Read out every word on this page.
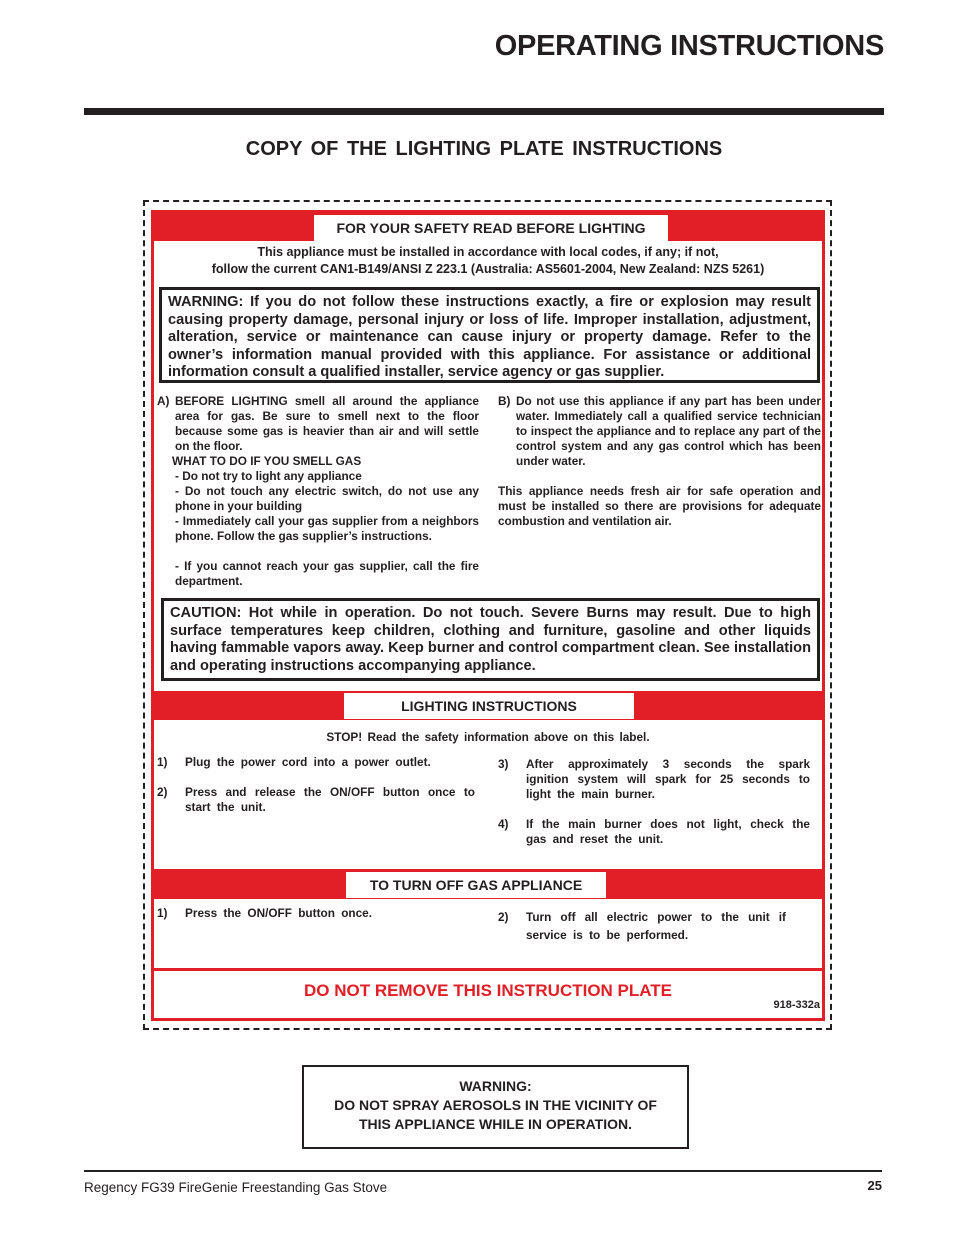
OPERATING INSTRUCTIONS
COPY OF THE LIGHTING PLATE INSTRUCTIONS
FOR YOUR SAFETY READ BEFORE LIGHTING
This appliance must be installed in accordance with local codes, if any; if not,
follow the current CAN1-B149/ANSI Z 223.1 (Australia: AS5601-2004, New Zealand: NZS 5261)
WARNING: If you do not follow these instructions exactly, a fire or explosion may result causing property damage, personal injury or loss of life. Improper installation, adjustment, alteration, service or maintenance can cause injury or property damage. Refer to the owner’s information manual provided with this appliance. For assistance or additional information consult a qualified installer, service agency or gas supplier.
A) BEFORE LIGHTING smell all around the appliance area for gas. Be sure to smell next to the floor because some gas is heavier than air and will settle on the floor.
WHAT TO DO IF YOU SMELL GAS
- Do not try to light any appliance
- Do not touch any electric switch, do not use any phone in your building
- Immediately call your gas supplier from a neighbors phone. Follow the gas supplier’s instructions.
- If you cannot reach your gas supplier, call the fire department.
B) Do not use this appliance if any part has been under water. Immediately call a qualified service technician to inspect the appliance and to replace any part of the control system and any gas control which has been under water.
This appliance needs fresh air for safe operation and must be installed so there are provisions for adequate combustion and ventilation air.
CAUTION: Hot while in operation. Do not touch. Severe Burns may result. Due to high surface temperatures keep children, clothing and furniture, gasoline and other liquids having fammable vapors away. Keep burner and control compartment clean. See installation and operating instructions accompanying appliance.
LIGHTING INSTRUCTIONS
STOP! Read the safety information above on this label.
1) Plug the power cord into a power outlet.
2) Press and release the ON/OFF button once to start the unit.
3) After approximately 3 seconds the spark ignition system will spark for 25 seconds to light the main burner.
4) If the main burner does not light, check the gas and reset the unit.
TO TURN OFF GAS APPLIANCE
1) Press the ON/OFF button once.	2) Turn off all electric power to the unit if service is to be performed.
DO NOT REMOVE THIS INSTRUCTION PLATE
918-332a
WARNING:
DO NOT SPRAY AEROSOLS IN THE VICINITY OF
THIS APPLIANCE WHILE IN OPERATION.
Regency FG39 FireGenie Freestanding Gas Stove	25
